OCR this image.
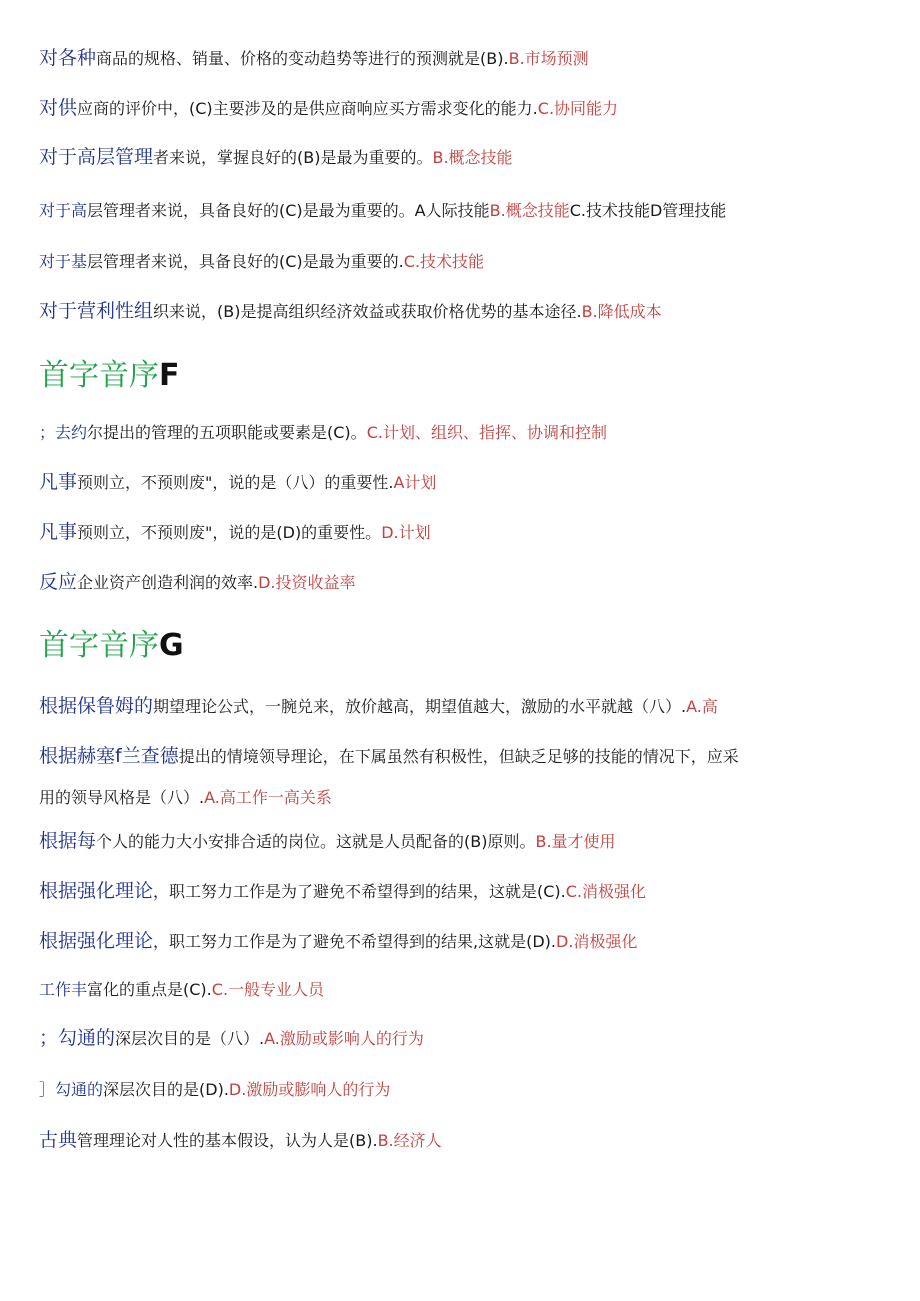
对各种商品的规格、销量、价格的变动趋势等进行的预测就是(B).B.市场预测
对供应商的评价中，(C)主要涉及的是供应商响应买方需求变化的能力.C.协同能力
对于高层管理者来说，掌握良好的(B)是最为重要的。B.概念技能
对于高层管理者来说，具备良好的(C)是最为重要的。A人际技能B.概念技能C.技术技能D管理技能
对于基层管理者来说，具备良好的(C)是最为重要的.C.技术技能
对于营利性组织来说，(B)是提高组织经济效益或获取价格优势的基本途径.B.降低成本
首字音序F
；去约尔提出的管理的五项职能或要素是(C)。C.计划、组织、指挥、协调和控制
凡事预则立，不预则废"，说的是（八）的重要性.A计划
凡事预则立，不预则废"，说的是(D)的重要性。D.计划
反应企业资产创造利润的效率.D.投资收益率
首字音序G
根据保鲁姆的期望理论公式，一腕兑来，放价越高，期望值越大，激励的水平就越（八）.A.高
根据赫塞f兰查德提出的情境领导理论，在下属虽然有积极性，但缺乏足够的技能的情况下，应采
用的领导风格是（八）.A.高工作一高关系
根据每个人的能力大小安排合适的岗位。这就是人员配备的(B)原则。B.量才使用
根据强化理论，职工努力工作是为了避免不希望得到的结果，这就是(C).C.消极强化
根据强化理论，职工努力工作是为了避免不希望得到的结果,这就是(D).D.消极强化
工作丰富化的重点是(C).C.一般专业人员
；勾通的深层次目的是（八）.A.激励或影响人的行为
］勾通的深层次目的是(D).D.激励或膨响人的行为
古典管理理论对人性的基本假设，认为人是(B).B.经济人
